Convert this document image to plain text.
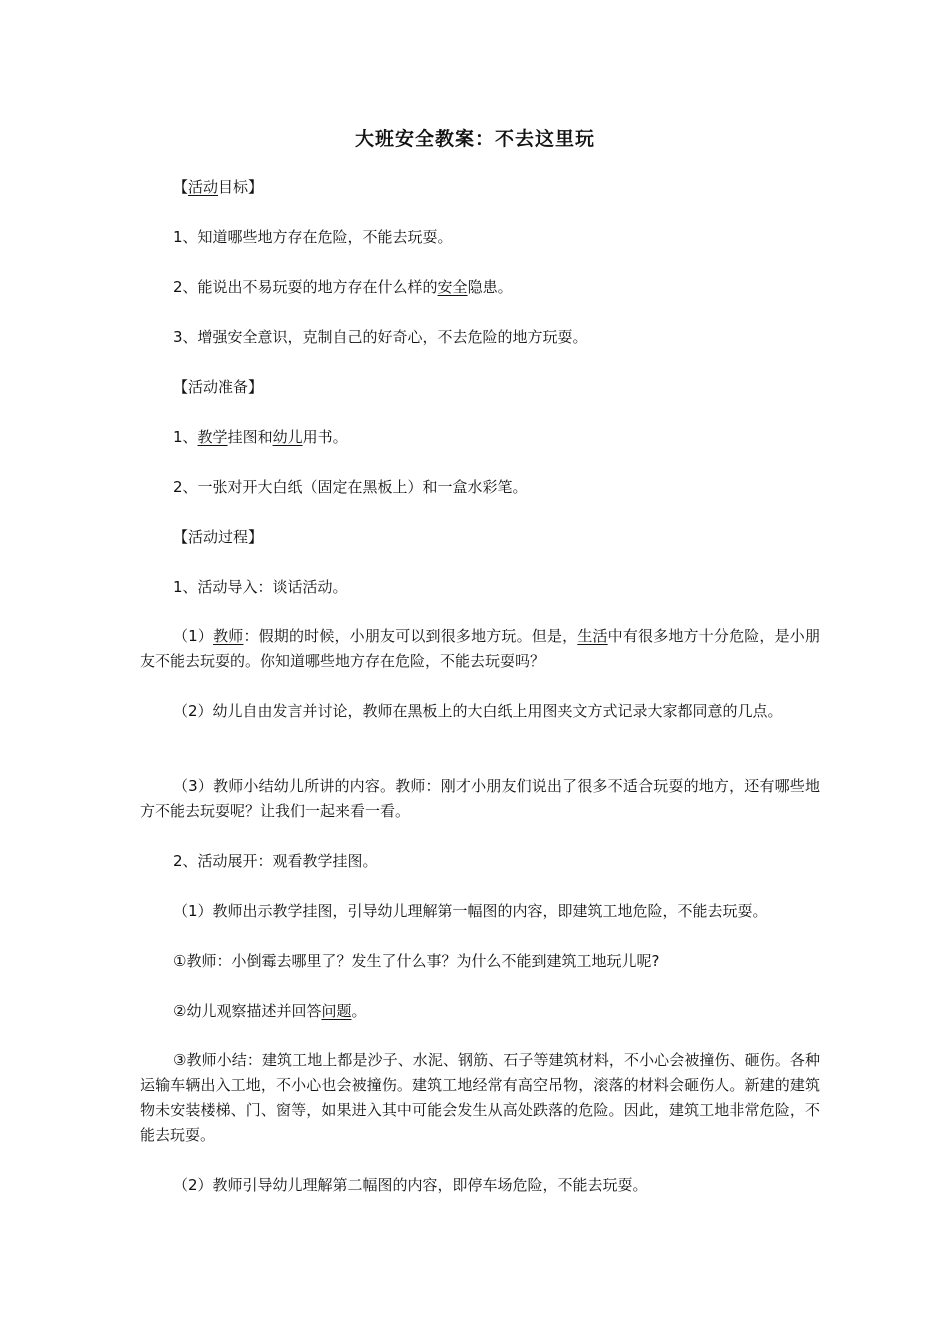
大班安全教案：不去这里玩
【活动目标】
1、知道哪些地方存在危险，不能去玩耍。
2、能说出不易玩耍的地方存在什么样的安全隐患。
3、增强安全意识，克制自己的好奇心，不去危险的地方玩耍。
【活动准备】
1、教学挂图和幼儿用书。
2、一张对开大白纸（固定在黑板上）和一盒水彩笔。
【活动过程】
1、活动导入：谈话活动。
（1）教师：假期的时候，小朋友可以到很多地方玩。但是，生活中有很多地方十分危险，是小朋友不能去玩耍的。你知道哪些地方存在危险，不能去玩耍吗？
（2）幼儿自由发言并讨论，教师在黑板上的大白纸上用图夹文方式记录大家都同意的几点。
（3）教师小结幼儿所讲的内容。教师：刚才小朋友们说出了很多不适合玩耍的地方，还有哪些地方不能去玩耍呢？让我们一起来看一看。
2、活动展开：观看教学挂图。
（1）教师出示教学挂图，引导幼儿理解第一幅图的内容，即建筑工地危险，不能去玩耍。
①教师：小倒霉去哪里了？发生了什么事？为什么不能到建筑工地玩儿呢?
②幼儿观察描述并回答问题。
③教师小结：建筑工地上都是沙子、水泥、钢筋、石子等建筑材料，不小心会被撞伤、砸伤。各种运输车辆出入工地，不小心也会被撞伤。建筑工地经常有高空吊物，滚落的材料会砸伤人。新建的建筑物未安装楼梯、门、窗等，如果进入其中可能会发生从高处跌落的危险。因此，建筑工地非常危险，不能去玩耍。
（2）教师引导幼儿理解第二幅图的内容，即停车场危险，不能去玩耍。
